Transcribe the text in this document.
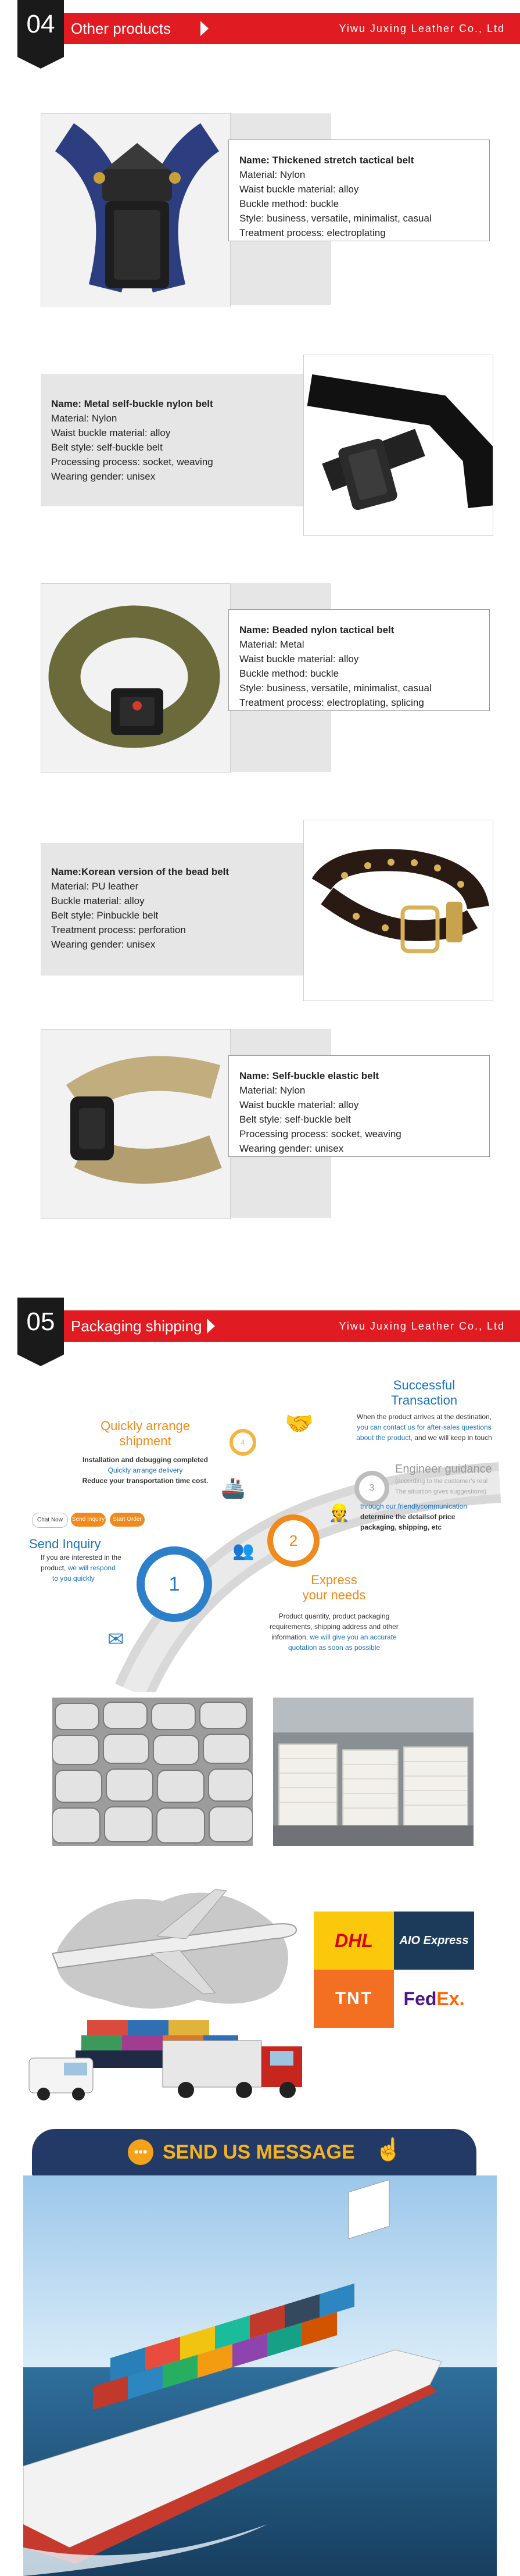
04	Other products	Yiwu Juxing Leather Co., Ltd
Name: Thickened stretch tactical belt
Material: Nylon
Waist buckle material: alloy
Buckle method: buckle
Style: business, versatile, minimalist, casual
Treatment process: electroplating
Name: Metal self-buckle nylon belt
Material: Nylon
Waist buckle material: alloy
Belt style: self-buckle belt
Processing process: socket, weaving
Wearing gender: unisex
Name: Beaded nylon tactical belt
Material: Metal
Waist buckle material: alloy
Buckle method: buckle
Style: business, versatile, minimalist, casual
Treatment process: electroplating, splicing
Name:Korean version of the bead belt
Material: PU leather
Buckle material: alloy
Belt style: Pinbuckle belt
Treatment process: perforation
Wearing gender: unisex
Name: Self-buckle elastic belt
Material: Nylon
Waist buckle material: alloy
Belt style: self-buckle belt
Processing process: socket, weaving
Wearing gender: unisex
05	Packaging shipping	Yiwu Juxing Leather Co., Ltd
1
2
3
4
🤝
🚢
👷
👥
✉
Successful
Transaction
When the product arrives at the destination,
you can contact us for after-sales questions
about the product, and we will keep in touch
Quickly arrange
shipment
Installation and debugging completed
Quickly arrange delivery
Reduce your transportation time cost.
Engineer guidance
(according to the customer's real
The situation gives suggestions)
through our friendlycommunication
determine the detailsof price
packaging, shipping, etc
Chat Now	Send Inquiry	Start Order
Send Inquiry
If you are interested in the
product, we will respond
to you quickly	Express
your needs
Product quantity, product packaging
requirements, shipping address and other
information, we will give you an accurate
quotation as soon as possible
DHL AIO Express
TNT Fed Ex.
••• SEND US MESSAGE ☝
